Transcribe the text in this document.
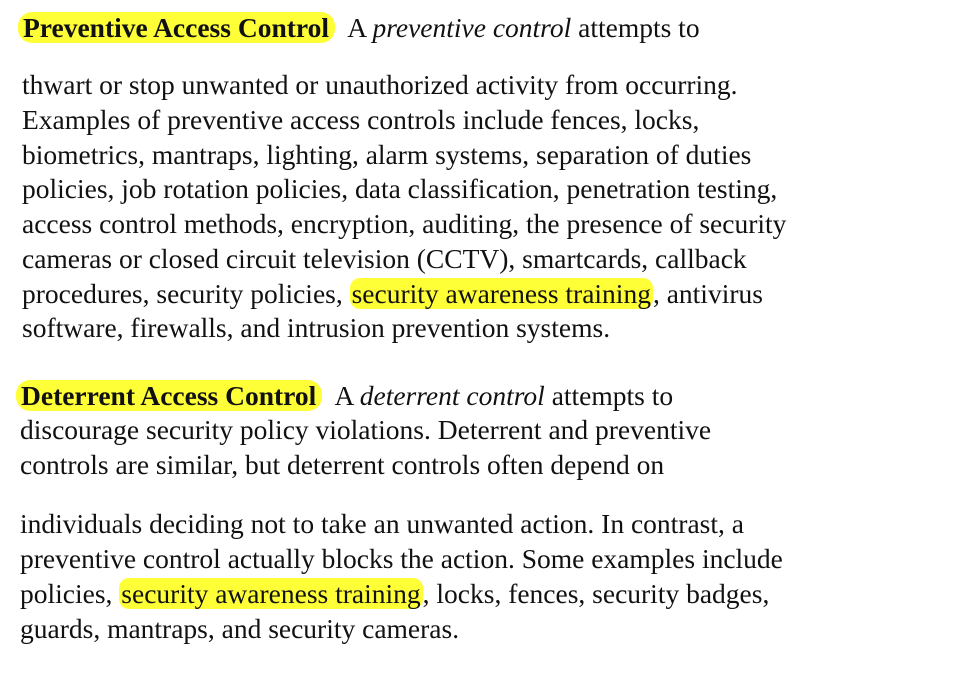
Preventive Access Control A preventive control attempts to
thwart or stop unwanted or unauthorized activity from occurring.
Examples of preventive access controls include fences, locks,
biometrics, mantraps, lighting, alarm systems, separation of duties
policies, job rotation policies, data classification, penetration testing,
access control methods, encryption, auditing, the presence of security
cameras or closed circuit television (CCTV), smartcards, callback
procedures, security policies, security awareness training, antivirus
software, firewalls, and intrusion prevention systems.
Deterrent Access Control A deterrent control attempts to
discourage security policy violations. Deterrent and preventive
controls are similar, but deterrent controls often depend on
individuals deciding not to take an unwanted action. In contrast, a
preventive control actually blocks the action. Some examples include
policies, security awareness training, locks, fences, security badges,
guards, mantraps, and security cameras.
